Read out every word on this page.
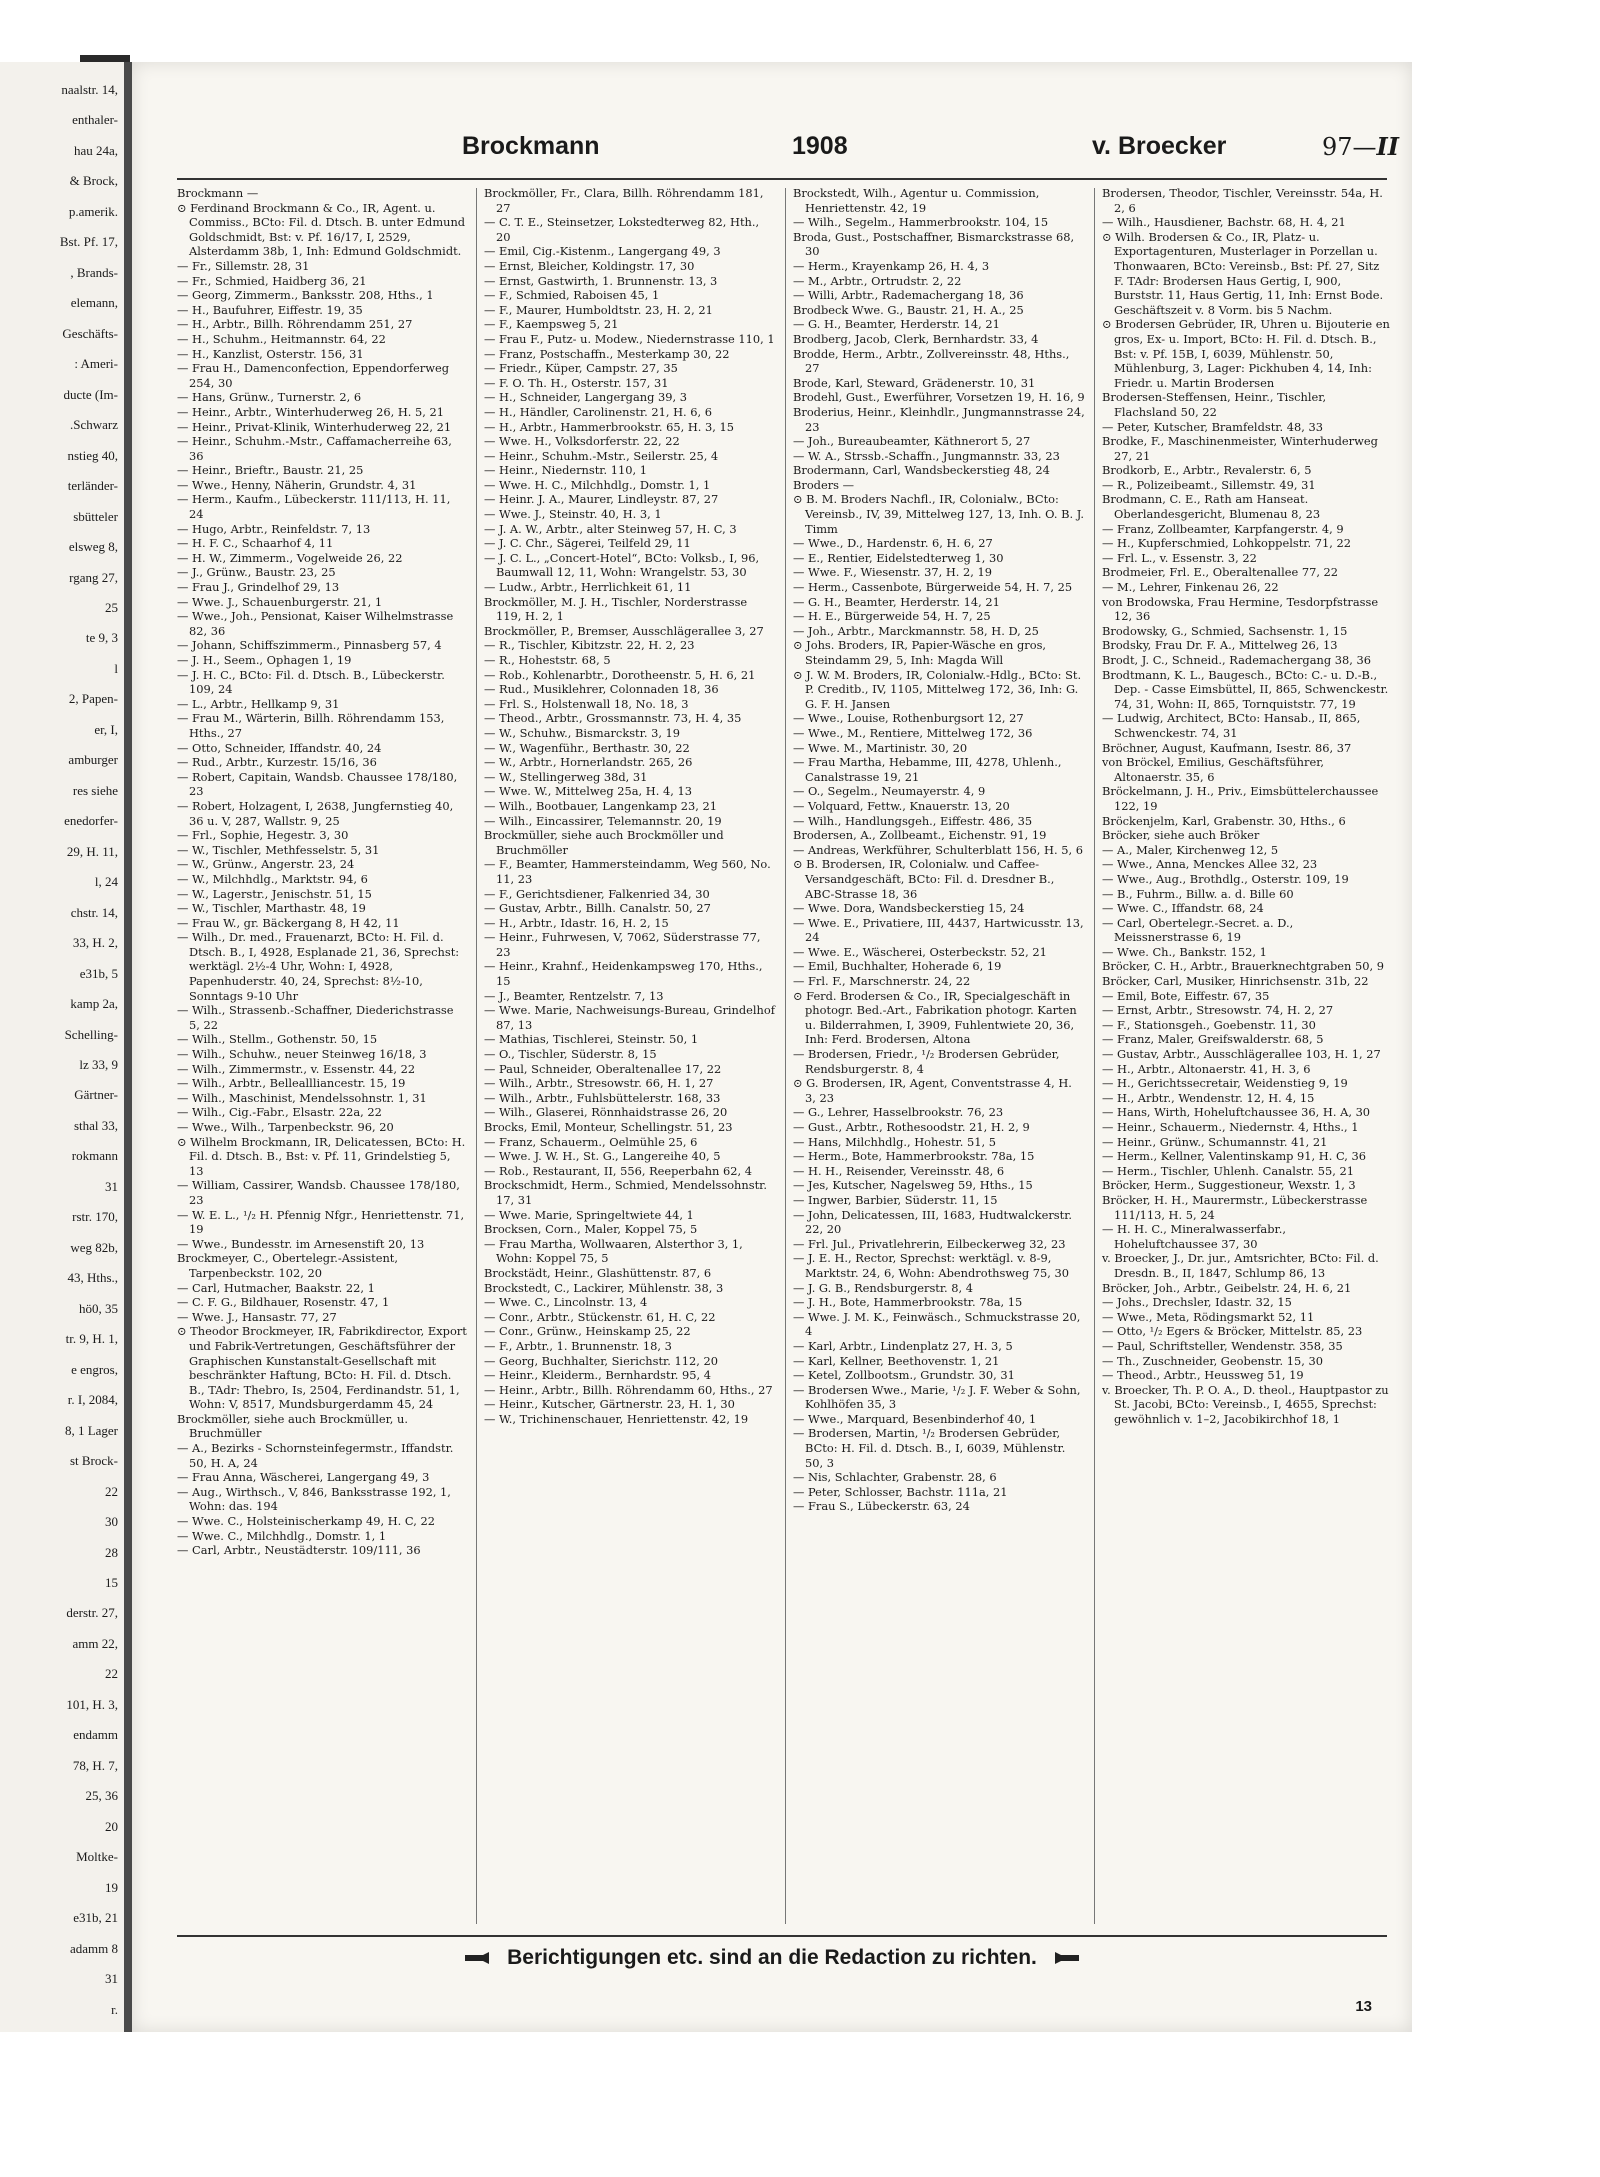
naalstr. 14,
enthaler-
hau 24a,
& Brock,
p.amerik.
Bst. Pf. 17,
, Brands-
elemann,
Geschäfts-
: Ameri-
ducte (Im-
.Schwarz
nstieg 40,
terländer-
sbütteler
elsweg 8,
rgang 27,
25
te 9, 3
l
2, Papen-
er, I,
amburger
res siehe
enedorfer-
29, H. 11,
l, 24
chstr. 14,
33, H. 2,
e31b, 5
kamp 2a,
Schelling-
lz 33, 9
Gärtner-
sthal 33,
rokmann
31
rstr. 170,
weg 82b,
43, Hths.,
hö0, 35
tr. 9, H. 1,
e engros,
r. I, 2084,
8, 1 Lager
st Brock-
22
30
28
15
derstr. 27,
amm 22,
22
101, H. 3,
endamm
78, H. 7,
25, 36
20
Moltke-
19
e31b, 21
adamm 8
31
r.
Brockmann	1908	v. Broecker	97—II

Brockmann —

⊙ Ferdinand Brockmann & Co., IR, Agent. u. Commiss., BCto: Fil. d. Dtsch. B. unter Edmund Goldschmidt, Bst: v. Pf. 16/17, I, 2529, Alsterdamm 38b, 1, Inh: Edmund Goldschmidt.

— Fr., Sillemstr. 28, 31

— Fr., Schmied, Haidberg 36, 21

— Georg, Zimmerm., Banksstr. 208, Hths., 1

— H., Baufuhrer, Eiffestr. 19, 35

— H., Arbtr., Billh. Röhrendamm 251, 27

— H., Schuhm., Heitmannstr. 64, 22

— H., Kanzlist, Osterstr. 156, 31

— Frau H., Damenconfection, Eppendorferweg 254, 30

— Hans, Grünw., Turnerstr. 2, 6

— Heinr., Arbtr., Winterhuderweg 26, H. 5, 21

— Heinr., Privat-Klinik, Winterhuderweg 22, 21

— Heinr., Schuhm.-Mstr., Caffamacherreihe 63, 36

— Heinr., Brieftr., Baustr. 21, 25

— Wwe., Henny, Näherin, Grundstr. 4, 31

— Herm., Kaufm., Lübeckerstr. 111/113, H. 11, 24

— Hugo, Arbtr., Reinfeldstr. 7, 13

— H. F. C., Schaarhof 4, 11

— H. W., Zimmerm., Vogelweide 26, 22

— J., Grünw., Baustr. 23, 25

— Frau J., Grindelhof 29, 13

— Wwe. J., Schauenburgerstr. 21, 1

— Wwe., Joh., Pensionat, Kaiser Wilhelmstrasse 82, 36

— Johann, Schiffszimmerm., Pinnasberg 57, 4

— J. H., Seem., Ophagen 1, 19

— J. H. C., BCto: Fil. d. Dtsch. B., Lübeckerstr. 109, 24

— L., Arbtr., Hellkamp 9, 31

— Frau M., Wärterin, Billh. Röhrendamm 153, Hths., 27

— Otto, Schneider, Iffandstr. 40, 24

— Rud., Arbtr., Kurzestr. 15/16, 36

— Robert, Capitain, Wandsb. Chaussee 178/180, 23

— Robert, Holzagent, I, 2638, Jungfernstieg 40, 36 u. V, 287, Wallstr. 9, 25

— Frl., Sophie, Hegestr. 3, 30

— W., Tischler, Methfesselstr. 5, 31

— W., Grünw., Angerstr. 23, 24

— W., Milchhdlg., Marktstr. 94, 6

— W., Lagerstr., Jenischstr. 51, 15

— W., Tischler, Marthastr. 48, 19

— Frau W., gr. Bäckergang 8, H 42, 11

— Wilh., Dr. med., Frauenarzt, BCto: H. Fil. d. Dtsch. B., I, 4928, Esplanade 21, 36, Sprechst: werktägl. 2½-4 Uhr, Wohn: I, 4928, Papenhuderstr. 40, 24, Sprechst: 8½-10, Sonntags 9-10 Uhr

— Wilh., Strassenb.-Schaffner, Diederichstrasse 5, 22

— Wilh., Stellm., Gothenstr. 50, 15

— Wilh., Schuhw., neuer Steinweg 16/18, 3

— Wilh., Zimmermstr., v. Essenstr. 44, 22

— Wilh., Arbtr., Belleallliancestr. 15, 19

— Wilh., Maschinist, Mendelssohnstr. 1, 31

— Wilh., Cig.-Fabr., Elsastr. 22a, 22

— Wwe., Wilh., Tarpenbeckstr. 96, 20

⊙ Wilhelm Brockmann, IR, Delicatessen, BCto: H. Fil. d. Dtsch. B., Bst: v. Pf. 11, Grindelstieg 5, 13

— William, Cassirer, Wandsb. Chaussee 178/180, 23

— W. E. L., ¹/₂ H. Pfennig Nfgr., Henriettenstr. 71, 19

— Wwe., Bundesstr. im Arnesenstift 20, 13

Brockmeyer, C., Obertelegr.-Assistent, Tarpenbeckstr. 102, 20

— Carl, Hutmacher, Baakstr. 22, 1

— C. F. G., Bildhauer, Rosenstr. 47, 1

— Wwe. J., Hansastr. 77, 27

⊙ Theodor Brockmeyer, IR, Fabrikdirector, Export und Fabrik-Vertretungen, Geschäftsführer der Graphischen Kunstanstalt-Gesellschaft mit beschränkter Haftung, BCto: H. Fil. d. Dtsch. B., TAdr: Thebro, Is, 2504, Ferdinandstr. 51, 1, Wohn: V, 8517, Mundsburgerdamm 45, 24

Brockmöller, siehe auch Brockmüller, u. Bruchmüller

— A., Bezirks - Schornsteinfegermstr., Iffandstr. 50, H. A, 24

— Frau Anna, Wäscherei, Langergang 49, 3

— Aug., Wirthsch., V, 846, Banksstrasse 192, 1, Wohn: das. 194

— Wwe. C., Holsteinischerkamp 49, H. C, 22

— Wwe. C., Milchhdlg., Domstr. 1, 1

— Carl, Arbtr., Neustädterstr. 109/111, 36

Brockmöller, Fr., Clara, Billh. Röhrendamm 181, 27

— C. T. E., Steinsetzer, Lokstedterweg 82, Hth., 20

— Emil, Cig.-Kistenm., Langergang 49, 3

— Ernst, Bleicher, Koldingstr. 17, 30

— Ernst, Gastwirth, 1. Brunnenstr. 13, 3

— F., Schmied, Raboisen 45, 1

— F., Maurer, Humboldtstr. 23, H. 2, 21

— F., Kaempsweg 5, 21

— Frau F., Putz- u. Modew., Niedernstrasse 110, 1

— Franz, Postschaffn., Mesterkamp 30, 22

— Friedr., Küper, Campstr. 27, 35

— F. O. Th. H., Osterstr. 157, 31

— H., Schneider, Langergang 39, 3

— H., Händler, Carolinenstr. 21, H. 6, 6

— H., Arbtr., Hammerbrookstr. 65, H. 3, 15

— Wwe. H., Volksdorferstr. 22, 22

— Heinr., Schuhm.-Mstr., Seilerstr. 25, 4

— Heinr., Niedernstr. 110, 1

— Wwe. H. C., Milchhdlg., Domstr. 1, 1

— Heinr. J. A., Maurer, Lindleystr. 87, 27

— Wwe. J., Steinstr. 40, H. 3, 1

— J. A. W., Arbtr., alter Steinweg 57, H. C, 3

— J. C. Chr., Sägerei, Teilfeld 29, 11

— J. C. L., „Concert-Hotel“, BCto: Volksb., I, 96, Baumwall 12, 11, Wohn: Wrangelstr. 53, 30

— Ludw., Arbtr., Herrlichkeit 61, 11

Brockmöller, M. J. H., Tischler, Norderstrasse 119, H. 2, 1

Brockmöller, P., Bremser, Ausschlägerallee 3, 27

— R., Tischler, Kibitzstr. 22, H. 2, 23

— R., Hoheststr. 68, 5

— Rob., Kohlenarbtr., Dorotheenstr. 5, H. 6, 21

— Rud., Musiklehrer, Colonnaden 18, 36

— Frl. S., Holstenwall 18, No. 18, 3

— Theod., Arbtr., Grossmannstr. 73, H. 4, 35

— W., Schuhw., Bismarckstr. 3, 19

— W., Wagenführ., Berthastr. 30, 22

— W., Arbtr., Hornerlandstr. 265, 26

— W., Stellingerweg 38d, 31

— Wwe. W., Mittelweg 25a, H. 4, 13

— Wilh., Bootbauer, Langenkamp 23, 21

— Wilh., Eincassirer, Telemannstr. 20, 19

Brockmüller, siehe auch Brockmöller und Bruchmöller

— F., Beamter, Hammersteindamm, Weg 560, No. 11, 23

— F., Gerichtsdiener, Falkenried 34, 30

— Gustav, Arbtr., Billh. Canalstr. 50, 27

— H., Arbtr., Idastr. 16, H. 2, 15

— Heinr., Fuhrwesen, V, 7062, Süderstrasse 77, 23

— Heinr., Krahnf., Heidenkampsweg 170, Hths., 15

— J., Beamter, Rentzelstr. 7, 13

— Wwe. Marie, Nachweisungs-Bureau, Grindelhof 87, 13

— Mathias, Tischlerei, Steinstr. 50, 1

— O., Tischler, Süderstr. 8, 15

— Paul, Schneider, Oberaltenallee 17, 22

— Wilh., Arbtr., Stresowstr. 66, H. 1, 27

— Wilh., Arbtr., Fuhlsbüttelerstr. 168, 33

— Wilh., Glaserei, Rönnhaidstrasse 26, 20

Brocks, Emil, Monteur, Schellingstr. 51, 23

— Franz, Schauerm., Oelmühle 25, 6

— Wwe. J. W. H., St. G., Langereihe 40, 5

— Rob., Restaurant, II, 556, Reeperbahn 62, 4

Brockschmidt, Herm., Schmied, Mendelssohnstr. 17, 31

— Wwe. Marie, Springeltwiete 44, 1

Brocksen, Corn., Maler, Koppel 75, 5

— Frau Martha, Wollwaaren, Alsterthor 3, 1, Wohn: Koppel 75, 5

Brockstädt, Heinr., Glashüttenstr. 87, 6

Brockstedt, C., Lackirer, Mühlenstr. 38, 3

— Wwe. C., Lincolnstr. 13, 4

— Conr., Arbtr., Stückenstr. 61, H. C, 22

— Conr., Grünw., Heinskamp 25, 22

— F., Arbtr., 1. Brunnenstr. 18, 3

— Georg, Buchhalter, Sierichstr. 112, 20

— Heinr., Kleiderm., Bernhardstr. 95, 4

— Heinr., Arbtr., Billh. Röhrendamm 60, Hths., 27

— Heinr., Kutscher, Gärtnerstr. 23, H. 1, 30

— W., Trichinenschauer, Henriettenstr. 42, 19

Brockstedt, Wilh., Agentur u. Commission, Henriettenstr. 42, 19

— Wilh., Segelm., Hammerbrookstr. 104, 15

Broda, Gust., Postschaffner, Bismarckstrasse 68, 30

— Herm., Krayenkamp 26, H. 4, 3

— M., Arbtr., Ortrudstr. 2, 22

— Willi, Arbtr., Rademachergang 18, 36

Brodbeck Wwe. G., Baustr. 21, H. A., 25

— G. H., Beamter, Herderstr. 14, 21

Brodberg, Jacob, Clerk, Bernhardstr. 33, 4

Brodde, Herm., Arbtr., Zollvereinsstr. 48, Hths., 27

Brode, Karl, Steward, Grädenerstr. 10, 31

Brodehl, Gust., Ewerführer, Vorsetzen 19, H. 16, 9

Broderius, Heinr., Kleinhdlr., Jungmannstrasse 24, 23

— Joh., Bureaubeamter, Käthnerort 5, 27

— W. A., Strssb.-Schaffn., Jungmannstr. 33, 23

Brodermann, Carl, Wandsbeckerstieg 48, 24

Broders —

⊙ B. M. Broders Nachfl., IR, Colonialw., BCto: Vereinsb., IV, 39, Mittelweg 127, 13, Inh. O. B. J. Timm

— Wwe., D., Hardenstr. 6, H. 6, 27

— E., Rentier, Eidelstedterweg 1, 30

— Wwe. F., Wiesenstr. 37, H. 2, 19

— Herm., Cassenbote, Bürgerweide 54, H. 7, 25

— G. H., Beamter, Herderstr. 14, 21

— H. E., Bürgerweide 54, H. 7, 25

— Joh., Arbtr., Marckmannstr. 58, H. D, 25

⊙ Johs. Broders, IR, Papier-Wäsche en gros, Steindamm 29, 5, Inh: Magda Will

⊙ J. W. M. Broders, IR, Colonialw.-Hdlg., BCto: St. P. Creditb., IV, 1105, Mittelweg 172, 36, Inh: G. G. F. H. Jansen

— Wwe., Louise, Rothenburgsort 12, 27

— Wwe., M., Rentiere, Mittelweg 172, 36

— Wwe. M., Martinistr. 30, 20

— Frau Martha, Hebamme, III, 4278, Uhlenh., Canalstrasse 19, 21

— O., Segelm., Neumayerstr. 4, 9

— Volquard, Fettw., Knauerstr. 13, 20

— Wilh., Handlungsgeh., Eiffestr. 486, 35

Brodersen, A., Zollbeamt., Eichenstr. 91, 19

— Andreas, Werkführer, Schulterblatt 156, H. 5, 6

⊙ B. Brodersen, IR, Colonialw. und Caffee-Versandgeschäft, BCto: Fil. d. Dresdner B., ABC-Strasse 18, 36

— Wwe. Dora, Wandsbeckerstieg 15, 24

— Wwe. E., Privatiere, III, 4437, Hartwicusstr. 13, 24

— Wwe. E., Wäscherei, Osterbeckstr. 52, 21

— Emil, Buchhalter, Hoherade 6, 19

— Frl. F., Marschnerstr. 24, 22

⊙ Ferd. Brodersen & Co., IR, Specialgeschäft in photogr. Bed.-Art., Fabrikation photogr. Karten u. Bilderrahmen, I, 3909, Fuhlentwiete 20, 36, Inh: Ferd. Brodersen, Altona

— Brodersen, Friedr., ¹/₂ Brodersen Gebrüder, Rendsburgerstr. 8, 4

⊙ G. Brodersen, IR, Agent, Conventstrasse 4, H. 3, 23

— G., Lehrer, Hasselbrookstr. 76, 23

— Gust., Arbtr., Rothesoodstr. 21, H. 2, 9

— Hans, Milchhdlg., Hohestr. 51, 5

— Herm., Bote, Hammerbrookstr. 78a, 15

— H. H., Reisender, Vereinsstr. 48, 6

— Jes, Kutscher, Nagelsweg 59, Hths., 15

— Ingwer, Barbier, Süderstr. 11, 15

— John, Delicatessen, III, 1683, Hudtwalckerstr. 22, 20

— Frl. Jul., Privatlehrerin, Eilbeckerweg 32, 23

— J. E. H., Rector, Sprechst: werktägl. v. 8-9, Marktstr. 24, 6, Wohn: Abendrothsweg 75, 30

— J. G. B., Rendsburgerstr. 8, 4

— J. H., Bote, Hammerbrookstr. 78a, 15

— Wwe. J. M. K., Feinwäsch., Schmuckstrasse 20, 4

— Karl, Arbtr., Lindenplatz 27, H. 3, 5

— Karl, Kellner, Beethovenstr. 1, 21

— Ketel, Zollbootsm., Grundstr. 30, 31

— Brodersen Wwe., Marie, ¹/₂ J. F. Weber & Sohn, Kohlhöfen 35, 3

— Wwe., Marquard, Besenbinderhof 40, 1

— Brodersen, Martin, ¹/₂ Brodersen Gebrüder, BCto: H. Fil. d. Dtsch. B., I, 6039, Mühlenstr. 50, 3

— Nis, Schlachter, Grabenstr. 28, 6

— Peter, Schlosser, Bachstr. 111a, 21

— Frau S., Lübeckerstr. 63, 24

Brodersen, Theodor, Tischler, Vereinsstr. 54a, H. 2, 6

— Wilh., Hausdiener, Bachstr. 68, H. 4, 21

⊙ Wilh. Brodersen & Co., IR, Platz- u. Exportagenturen, Musterlager in Porzellan u. Thonwaaren, BCto: Vereinsb., Bst: Pf. 27, Sitz F. TAdr: Brodersen Haus Gertig, I, 900, Burststr. 11, Haus Gertig, 11, Inh: Ernst Bode. Geschäftszeit v. 8 Vorm. bis 5 Nachm.

⊙ Brodersen Gebrüder, IR, Uhren u. Bijouterie en gros, Ex- u. Import, BCto: H. Fil. d. Dtsch. B., Bst: v. Pf. 15B, I, 6039, Mühlenstr. 50, Mühlenburg, 3, Lager: Pickhuben 4, 14, Inh: Friedr. u. Martin Brodersen

Brodersen-Steffensen, Heinr., Tischler, Flachsland 50, 22

— Peter, Kutscher, Bramfeldstr. 48, 33

Brodke, F., Maschinenmeister, Winterhuderweg 27, 21

Brodkorb, E., Arbtr., Revalerstr. 6, 5

— R., Polizeibeamt., Sillemstr. 49, 31

Brodmann, C. E., Rath am Hanseat. Oberlandesgericht, Blumenau 8, 23

— Franz, Zollbeamter, Karpfangerstr. 4, 9

— H., Kupferschmied, Lohkoppelstr. 71, 22

— Frl. L., v. Essenstr. 3, 22

Brodmeier, Frl. E., Oberaltenallee 77, 22

— M., Lehrer, Finkenau 26, 22

von Brodowska, Frau Hermine, Tesdorpfstrasse 12, 36

Brodowsky, G., Schmied, Sachsenstr. 1, 15

Brodsky, Frau Dr. F. A., Mittelweg 26, 13

Brodt, J. C., Schneid., Rademachergang 38, 36

Brodtmann, K. L., Baugesch., BCto: C.- u. D.-B., Dep. - Casse Eimsbüttel, II, 865, Schwenckestr. 74, 31, Wohn: II, 865, Tornquiststr. 77, 19

— Ludwig, Architect, BCto: Hansab., II, 865, Schwenckestr. 74, 31

Bröchner, August, Kaufmann, Isestr. 86, 37

von Bröckel, Emilius, Geschäftsführer, Altonaerstr. 35, 6

Bröckelmann, J. H., Priv., Eimsbüttelerchaussee 122, 19

Bröckenjelm, Karl, Grabenstr. 30, Hths., 6

Bröcker, siehe auch Bröker

— A., Maler, Kirchenweg 12, 5

— Wwe., Anna, Menckes Allee 32, 23

— Wwe., Aug., Brothdlg., Osterstr. 109, 19

— B., Fuhrm., Billw. a. d. Bille 60

— Wwe. C., Iffandstr. 68, 24

— Carl, Obertelegr.-Secret. a. D., Meissnerstrasse 6, 19

— Wwe. Ch., Bankstr. 152, 1

Bröcker, C. H., Arbtr., Brauerknechtgraben 50, 9

Bröcker, Carl, Musiker, Hinrichsenstr. 31b, 22

— Emil, Bote, Eiffestr. 67, 35

— Ernst, Arbtr., Stresowstr. 74, H. 2, 27

— F., Stationsgeh., Goebenstr. 11, 30

— Franz, Maler, Greifswalderstr. 68, 5

— Gustav, Arbtr., Ausschlägerallee 103, H. 1, 27

— H., Arbtr., Altonaerstr. 41, H. 3, 6

— H., Gerichtssecretair, Weidenstieg 9, 19

— H., Arbtr., Wendenstr. 12, H. 4, 15

— Hans, Wirth, Hoheluftchaussee 36, H. A, 30

— Heinr., Schauerm., Niedernstr. 4, Hths., 1

— Heinr., Grünw., Schumannstr. 41, 21

— Herm., Kellner, Valentinskamp 91, H. C, 36

— Herm., Tischler, Uhlenh. Canalstr. 55, 21

Bröcker, Herm., Suggestioneur, Wexstr. 1, 3

Bröcker, H. H., Maurermstr., Lübeckerstrasse 111/113, H. 5, 24

— H. H. C., Mineralwasserfabr., Hoheluftchaussee 37, 30

v. Broecker, J., Dr. jur., Amtsrichter, BCto: Fil. d. Dresdn. B., II, 1847, Schlump 86, 13

Bröcker, Joh., Arbtr., Geibelstr. 24, H. 6, 21

— Johs., Drechsler, Idastr. 32, 15

— Wwe., Meta, Rödingsmarkt 52, 11

— Otto, ¹/₂ Egers & Bröcker, Mittelstr. 85, 23

— Paul, Schriftsteller, Wendenstr. 358, 35

— Th., Zuschneider, Geobenstr. 15, 30

— Theod., Arbtr., Heussweg 51, 19

v. Broecker, Th. P. O. A., D. theol., Hauptpastor zu St. Jacobi, BCto: Vereinsb., I, 4655, Sprechst: gewöhnlich v. 1–2, Jacobikirchhof 18, 1

Berichtigungen etc. sind an die Redaction zu richten.
13
